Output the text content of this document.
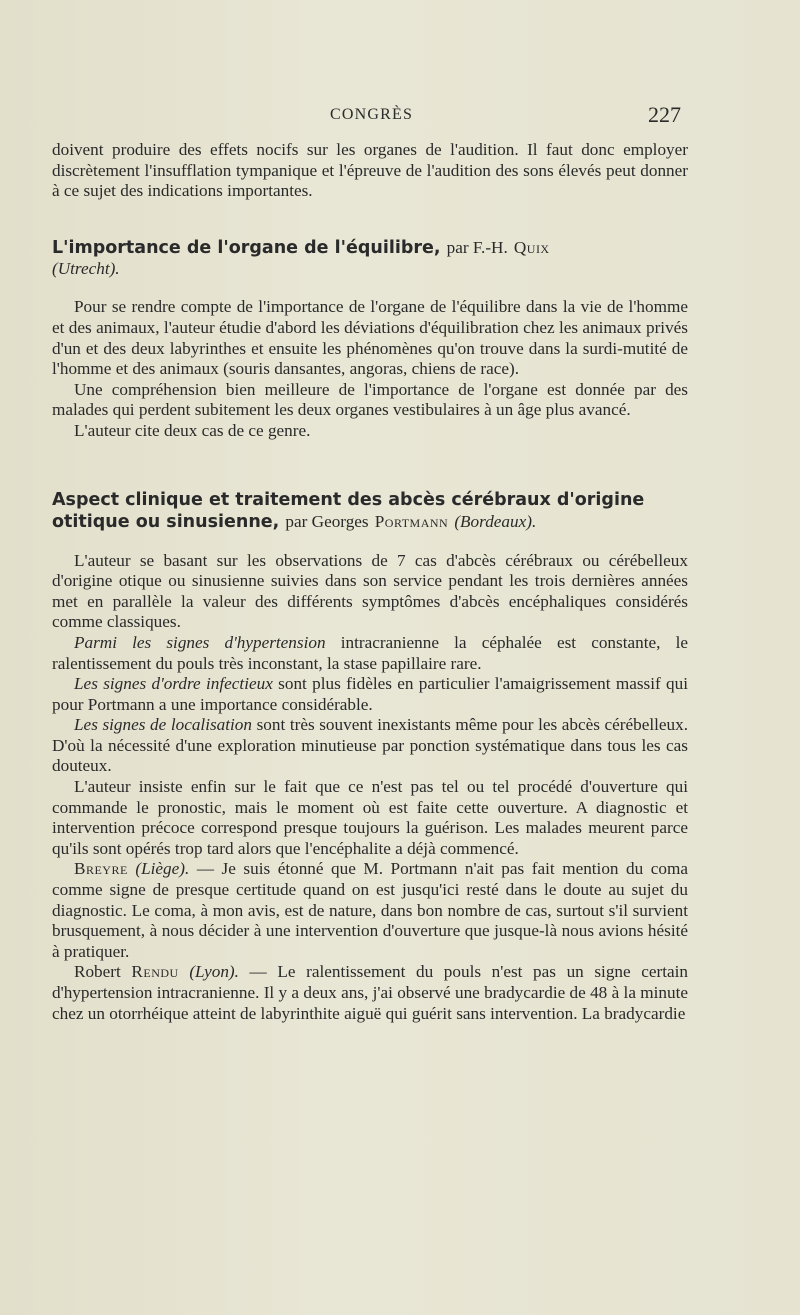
CONGRÈS	227

doivent produire des effets nocifs sur les organes de l'audition. Il faut donc employer discrètement l'insufflation tympanique et l'épreuve de l'audition des sons élevés peut donner à ce sujet des indications importantes.

L'importance de l'organe de l'équilibre, par F.-H. Quix

(Utrecht).

Pour se rendre compte de l'importance de l'organe de l'équilibre dans la vie de l'homme et des animaux, l'auteur étudie d'abord les déviations d'équilibration chez les animaux privés d'un et des deux labyrinthes et ensuite les phénomènes qu'on trouve dans la surdi-mutité de l'homme et des animaux (souris dansantes, angoras, chiens de race).

Une compréhension bien meilleure de l'importance de l'organe est donnée par des malades qui perdent subitement les deux organes vestibulaires à un âge plus avancé.

L'auteur cite deux cas de ce genre.

Aspect clinique et traitement des abcès cérébraux d'origine otitique ou sinusienne, par Georges Portmann (Bordeaux).

L'auteur se basant sur les observations de 7 cas d'abcès cérébraux ou cérébelleux d'origine otique ou sinusienne suivies dans son service pendant les trois dernières années met en parallèle la valeur des différents symptômes d'abcès encéphaliques considérés comme classiques.

Parmi les signes d'hypertension intracranienne la céphalée est constante, le ralentissement du pouls très inconstant, la stase papillaire rare.

Les signes d'ordre infectieux sont plus fidèles en particulier l'amaigrissement massif qui pour Portmann a une importance considérable.

Les signes de localisation sont très souvent inexistants même pour les abcès cérébelleux. D'où la nécessité d'une exploration minutieuse par ponction systématique dans tous les cas douteux.

L'auteur insiste enfin sur le fait que ce n'est pas tel ou tel procédé d'ouverture qui commande le pronostic, mais le moment où est faite cette ouverture. A diagnostic et intervention précoce correspond presque toujours la guérison. Les malades meurent parce qu'ils sont opérés trop tard alors que l'encéphalite a déjà commencé.

Breyre (Liège). — Je suis étonné que M. Portmann n'ait pas fait mention du coma comme signe de presque certitude quand on est jusqu'ici resté dans le doute au sujet du diagnostic. Le coma, à mon avis, est de nature, dans bon nombre de cas, surtout s'il survient brusquement, à nous décider à une intervention d'ouverture que jusque-là nous avions hésité à pratiquer.

Robert Rendu (Lyon). — Le ralentissement du pouls n'est pas un signe certain d'hypertension intracranienne. Il y a deux ans, j'ai observé une bradycardie de 48 à la minute chez un otorrhéique atteint de labyrinthite aiguë qui guérit sans intervention. La bradycardie
